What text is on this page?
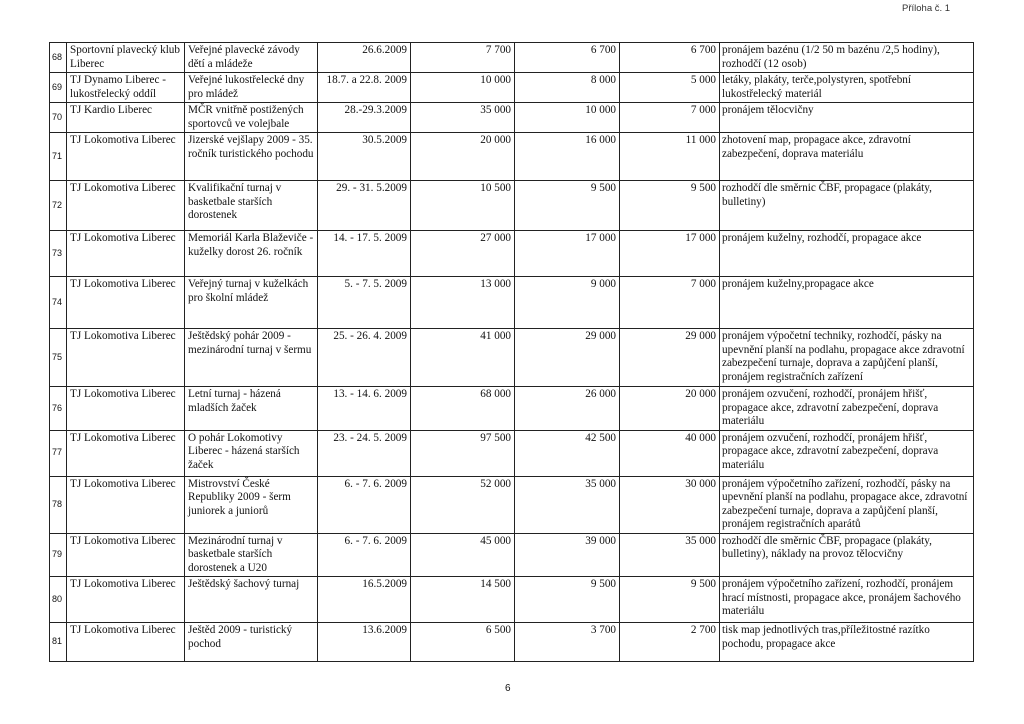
Příloha č. 1
68	Sportovní plavecký klub Liberec	Veřejné plavecké závody dětí a mládeže	26.6.2009	7 700	6 700	6 700	pronájem bazénu (1/2 50 m bazénu /2,5 hodiny), rozhodčí (12 osob)
69	TJ Dynamo Liberec - lukostřelecký oddíl	Veřejné lukostřelecké dny pro mládež	18.7. a 22.8. 2009	10 000	8 000	5 000	letáky, plakáty, terče,polystyren, spotřební lukostřelecký materiál
70	TJ Kardio Liberec	MČR vnitřně postižených sportovců ve volejbale	28.-29.3.2009	35 000	10 000	7 000	pronájem tělocvičny
71	TJ Lokomotiva Liberec	Jizerské vejšlapy 2009 - 35. ročník turistického pochodu	30.5.2009	20 000	16 000	11 000	zhotovení map, propagace akce, zdravotní zabezpečení, doprava materiálu
72	TJ Lokomotiva Liberec	Kvalifikační turnaj v basketbale starších dorostenek	29. - 31. 5.2009	10 500	9 500	9 500	rozhodčí dle směrnic ČBF, propagace (plakáty, bulletiny)
73	TJ Lokomotiva Liberec	Memoriál Karla Blaževiče - kuželky dorost 26. ročník	14. - 17. 5. 2009	27 000	17 000	17 000	pronájem kuželny, rozhodčí, propagace akce
74	TJ Lokomotiva Liberec	Veřejný turnaj v kuželkách pro školní mládež	5. - 7. 5. 2009	13 000	9 000	7 000	pronájem kuželny,propagace akce
75	TJ Lokomotiva Liberec	Ještědský pohár 2009 - mezinárodní turnaj v šermu	25. - 26. 4. 2009	41 000	29 000	29 000	pronájem výpočetní techniky, rozhodčí, pásky na upevnění planší na podlahu, propagace akce zdravotní zabezpečení turnaje, doprava a zapůjčení planší, pronájem registračních zařízení
76	TJ Lokomotiva Liberec	Letní turnaj - házená mladších žaček	13. - 14. 6. 2009	68 000	26 000	20 000	pronájem ozvučení, rozhodčí, pronájem hřišť, propagace akce, zdravotní zabezpečení, doprava materiálu
77	TJ Lokomotiva Liberec	O pohár Lokomotivy Liberec - házená starších žaček	23. - 24. 5. 2009	97 500	42 500	40 000	pronájem ozvučení, rozhodčí, pronájem hřišť, propagace akce, zdravotní zabezpečení, doprava materiálu
78	TJ Lokomotiva Liberec	Mistrovství České Republiky 2009 - šerm juniorek a juniorů	6. - 7. 6. 2009	52 000	35 000	30 000	pronájem výpočetního zařízení, rozhodčí, pásky na upevnění planší na podlahu, propagace akce, zdravotní zabezpečení turnaje, doprava a zapůjčení planší, pronájem registračních aparátů
79	TJ Lokomotiva Liberec	Mezinárodní turnaj v basketbale starších dorostenek a U20	6. - 7. 6. 2009	45 000	39 000	35 000	rozhodčí dle směrnic ČBF, propagace (plakáty, bulletiny), náklady na provoz tělocvičny
80	TJ Lokomotiva Liberec	Ještědský šachový turnaj	16.5.2009	14 500	9 500	9 500	pronájem výpočetního zařízení, rozhodčí, pronájem hrací místnosti, propagace akce, pronájem šachového materiálu
81	TJ Lokomotiva Liberec	Ještěd 2009 - turistický pochod	13.6.2009	6 500	3 700	2 700	tisk map jednotlivých tras,příležitostné razítko pochodu, propagace akce
6
